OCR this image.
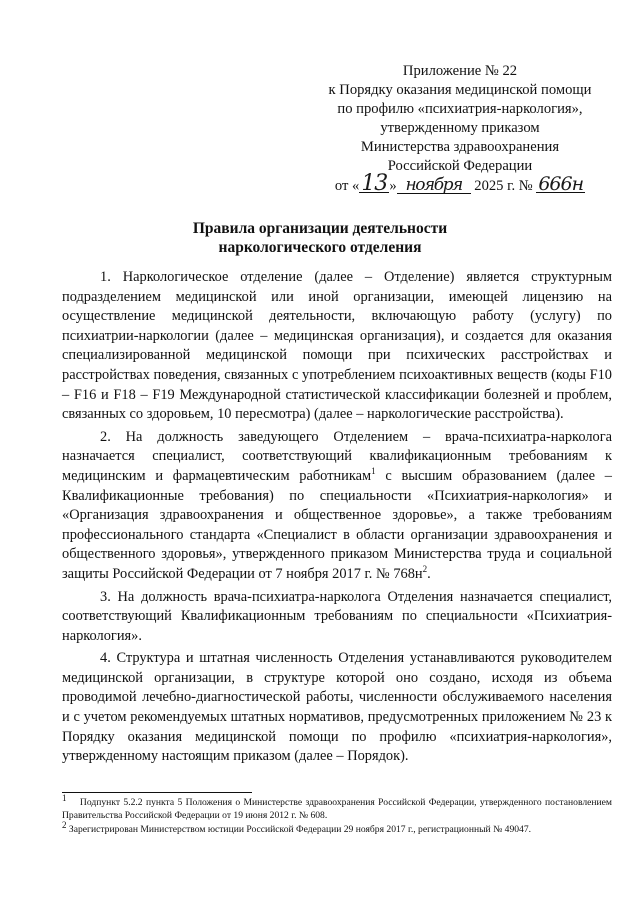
Приложение № 22
к Порядку оказания медицинской помощи
по профилю «психиатрия-наркология»,
утвержденному приказом
Министерства здравоохранения
Российской Федерации
от «13 » ноября 2025 г. № 666н
Правила организации деятельности
наркологического отделения

1. Наркологическое отделение (далее – Отделение) является структурным подразделением медицинской или иной организации, имеющей лицензию на осуществление медицинской деятельности, включающую работу (услугу) по психиатрии-наркологии (далее – медицинская организация), и создается для оказания специализированной медицинской помощи при психических расстройствах и расстройствах поведения, связанных с употреблением психоактивных веществ (коды F10 – F16 и F18 – F19 Международной статистической классификации болезней и проблем, связанных со здоровьем, 10 пересмотра) (далее – наркологические расстройства).

2. На должность заведующего Отделением – врача-психиатра-нарколога назначается специалист, соответствующий квалификационным требованиям к медицинским и фармацевтическим работникам$^1$ с высшим образованием (далее – Квалификационные требования) по специальности «Психиатрия-наркология» и «Организация здравоохранения и общественное здоровье», а также требованиям профессионального стандарта «Специалист в области организации здравоохранения и общественного здоровья», утвержденного приказом Министерства труда и социальной защиты Российской Федерации от 7 ноября 2017 г. № $768н^2$.

3. На должность врача-психиатра-нарколога Отделения назначается специалист, соответствующий Квалификационным требованиям по специальности «Психиатрия-наркология».

4. Структура и штатная численность Отделения устанавливаются руководителем медицинской организации, в структуре которой оно создано, исходя из объема проводимой лечебно-диагностической работы, численности обслуживаемого населения и с учетом рекомендуемых штатных нормативов, предусмотренных приложением № 23 к Порядку оказания медицинской помощи по профилю «психиатрия-наркология», утвержденному настоящим приказом (далее – Порядок).

$^1$ Подпункт 5.2.2 пункта 5 Положения о Министерстве здравоохранения Российской Федерации, утвержденного постановлением Правительства Российской Федерации от 19 июня 2012 г. № 608.

$^2$ Зарегистрирован Министерством юстиции Российской Федерации 29 ноября 2017 г., регистрационный № 49047.
